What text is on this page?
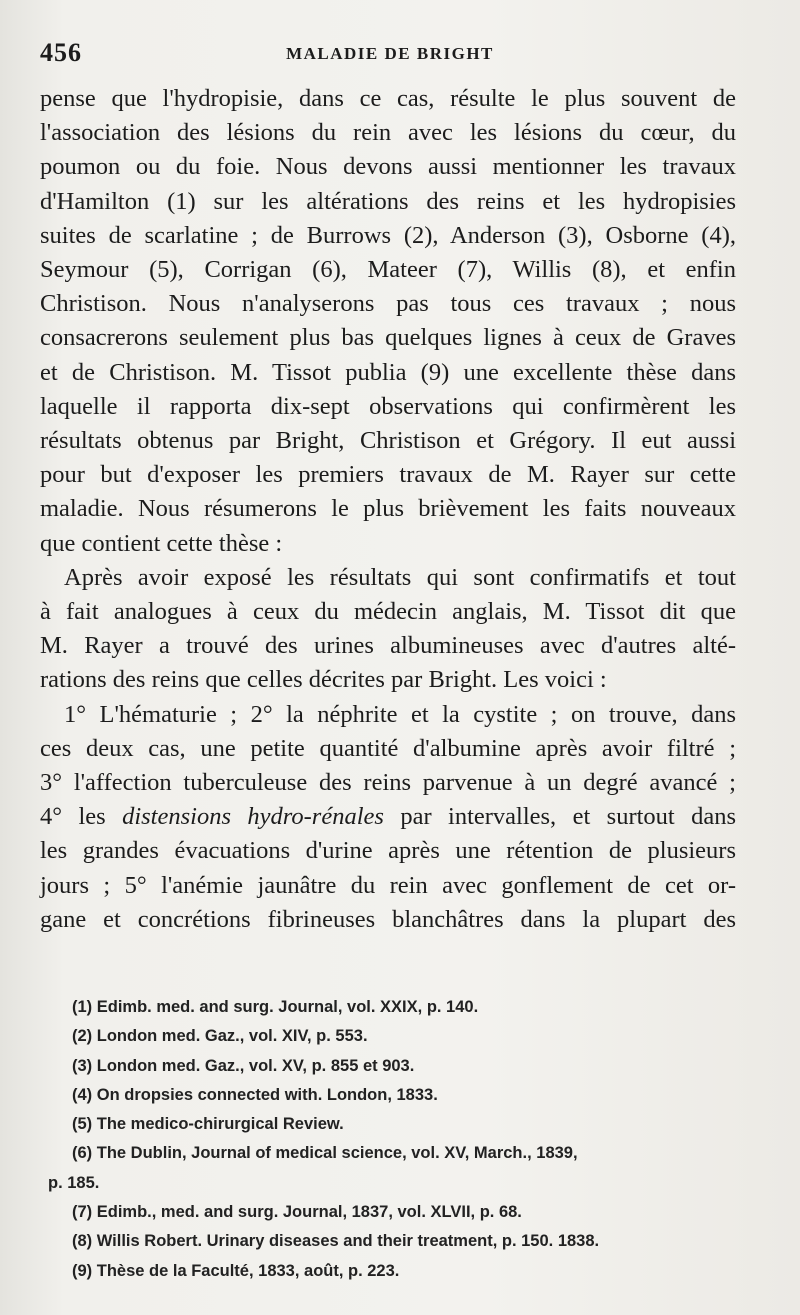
456	MALADIE DE BRIGHT
pense que l'hydropisie, dans ce cas, résulte le plus souvent de
l'association des lésions du rein avec les lésions du cœur, du
poumon ou du foie. Nous devons aussi mentionner les travaux
d'Hamilton (1) sur les altérations des reins et les hydropisies
suites de scarlatine ; de Burrows (2), Anderson (3), Osborne (4),
Seymour (5), Corrigan (6), Mateer (7), Willis (8), et enfin
Christison. Nous n'analyserons pas tous ces travaux ; nous
consacrerons seulement plus bas quelques lignes à ceux de Graves
et de Christison. M. Tissot publia (9) une excellente thèse dans
laquelle il rapporta dix-sept observations qui confirmèrent les
résultats obtenus par Bright, Christison et Grégory. Il eut aussi
pour but d'exposer les premiers travaux de M. Rayer sur cette
maladie. Nous résumerons le plus brièvement les faits nouveaux
que contient cette thèse :
Après avoir exposé les résultats qui sont confirmatifs et tout
à fait analogues à ceux du médecin anglais, M. Tissot dit que
M. Rayer a trouvé des urines albumineuses avec d'autres alté-
rations des reins que celles décrites par Bright. Les voici :
1° L'hématurie ; 2° la néphrite et la cystite ; on trouve, dans
ces deux cas, une petite quantité d'albumine après avoir filtré ;
3° l'affection tuberculeuse des reins parvenue à un degré avancé ;
4° les distensions hydro-rénales par intervalles, et surtout dans
les grandes évacuations d'urine après une rétention de plusieurs
jours ; 5° l'anémie jaunâtre du rein avec gonflement de cet or-
gane et concrétions fibrineuses blanchâtres dans la plupart des
(1) Edimb. med. and surg. Journal, vol. XXIX, p. 140.
(2) London med. Gaz., vol. XIV, p. 553.
(3) London med. Gaz., vol. XV, p. 855 et 903.
(4) On dropsies connected with. London, 1833.
(5) The medico-chirurgical Review.
(6) The Dublin, Journal of medical science, vol. XV, March., 1839,
p. 185.
(7) Edimb., med. and surg. Journal, 1837, vol. XLVII, p. 68.
(8) Willis Robert. Urinary diseases and their treatment, p. 150. 1838.
(9) Thèse de la Faculté, 1833, août, p. 223.
